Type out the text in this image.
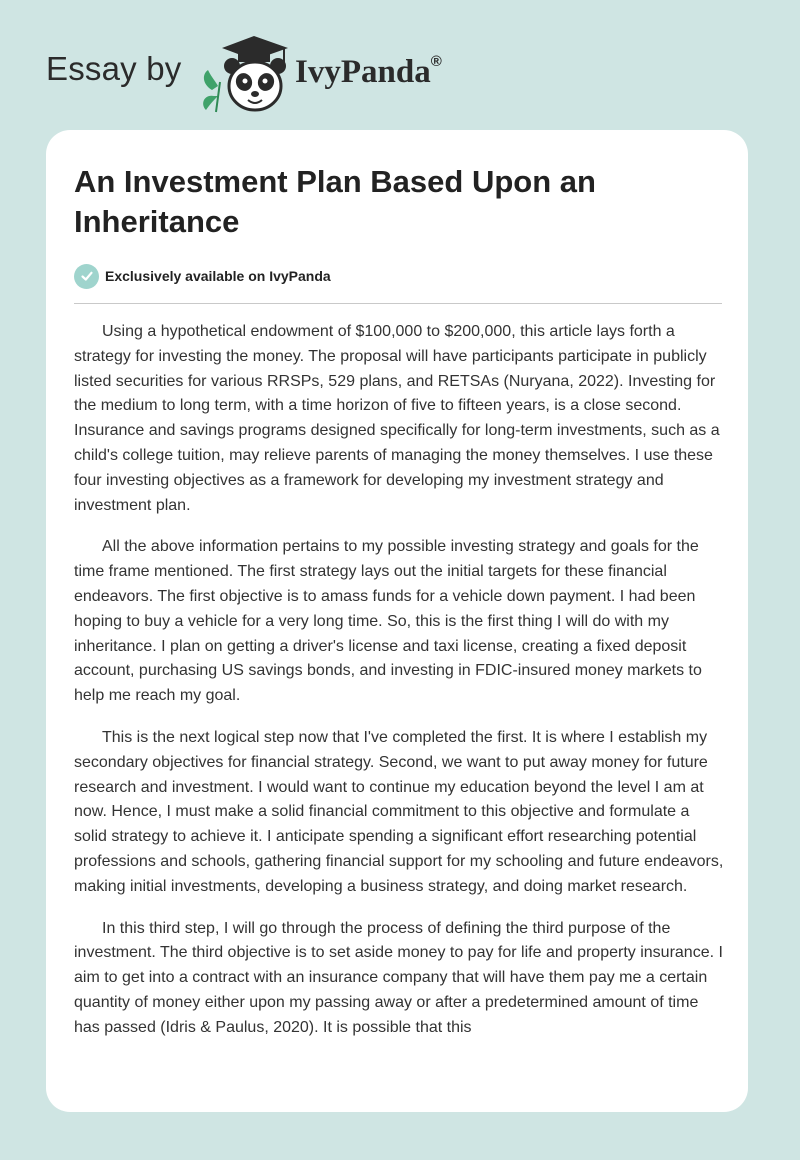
Essay by	IvyPanda®
An Investment Plan Based Upon an Inheritance
Exclusively available on IvyPanda

Using a hypothetical endowment of $100,000 to $200,000, this article lays forth a strategy for investing the money. The proposal will have participants participate in publicly listed securities for various RRSPs, 529 plans, and RETSAs (Nuryana, 2022). Investing for the medium to long term, with a time horizon of five to fifteen years, is a close second. Insurance and savings programs designed specifically for long-term investments, such as a child's college tuition, may relieve parents of managing the money themselves. I use these four investing objectives as a framework for developing my investment strategy and investment plan.

All the above information pertains to my possible investing strategy and goals for the time frame mentioned. The first strategy lays out the initial targets for these financial endeavors. The first objective is to amass funds for a vehicle down payment. I had been hoping to buy a vehicle for a very long time. So, this is the first thing I will do with my inheritance. I plan on getting a driver's license and taxi license, creating a fixed deposit account, purchasing US savings bonds, and investing in FDIC-insured money markets to help me reach my goal.

This is the next logical step now that I've completed the first. It is where I establish my secondary objectives for financial strategy. Second, we want to put away money for future research and investment. I would want to continue my education beyond the level I am at now. Hence, I must make a solid financial commitment to this objective and formulate a solid strategy to achieve it. I anticipate spending a significant effort researching potential professions and schools, gathering financial support for my schooling and future endeavors, making initial investments, developing a business strategy, and doing market research.

In this third step, I will go through the process of defining the third purpose of the investment. The third objective is to set aside money to pay for life and property insurance. I aim to get into a contract with an insurance company that will have them pay me a certain quantity of money either upon my passing away or after a predetermined amount of time has passed (Idris & Paulus, 2020). It is possible that this
